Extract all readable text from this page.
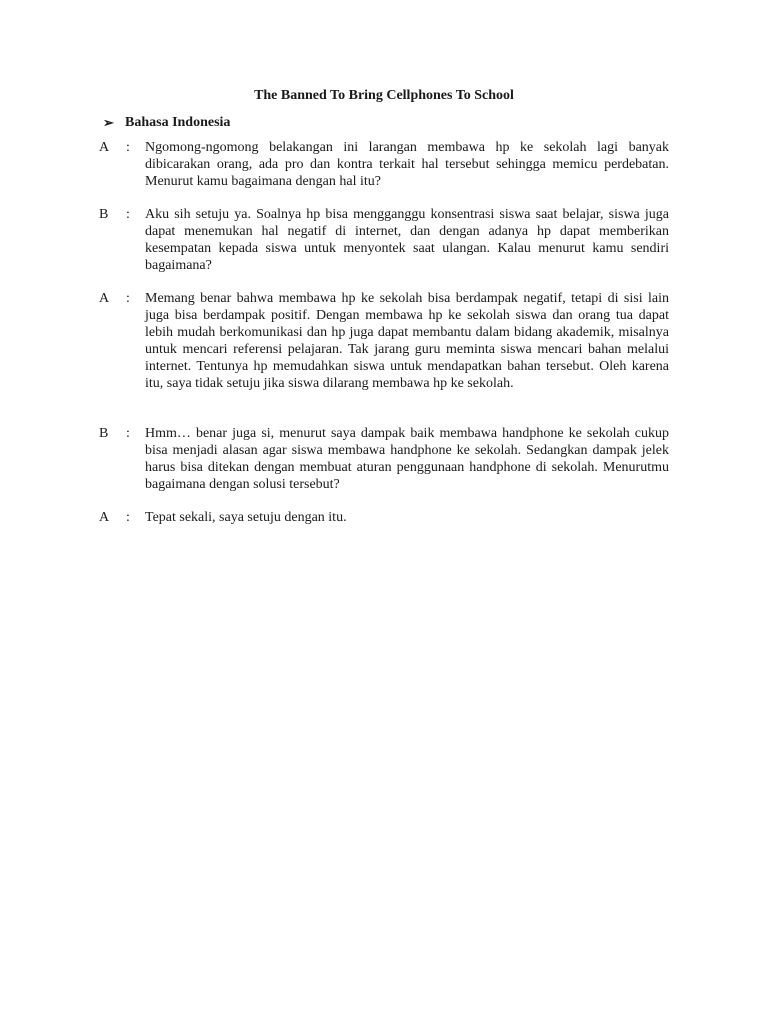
The Banned To Bring Cellphones To School
➢ Bahasa Indonesia
A	: Ngomong-ngomong belakangan ini larangan membawa hp ke sekolah lagi banyak dibicarakan orang, ada pro dan kontra terkait hal tersebut sehingga memicu perdebatan. Menurut kamu bagaimana dengan hal itu?
B	: Aku sih setuju ya. Soalnya hp bisa mengganggu konsentrasi siswa saat belajar, siswa juga dapat menemukan hal negatif di internet, dan dengan adanya hp dapat memberikan kesempatan kepada siswa untuk menyontek saat ulangan. Kalau menurut kamu sendiri bagaimana?
A	: Memang benar bahwa membawa hp ke sekolah bisa berdampak negatif, tetapi di sisi lain juga bisa berdampak positif. Dengan membawa hp ke sekolah siswa dan orang tua dapat lebih mudah berkomunikasi dan hp juga dapat membantu dalam bidang akademik, misalnya untuk mencari referensi pelajaran. Tak jarang guru meminta siswa mencari bahan melalui internet. Tentunya hp memudahkan siswa untuk mendapatkan bahan tersebut. Oleh karena itu, saya tidak setuju jika siswa dilarang membawa hp ke sekolah.
B	: Hmm… benar juga si, menurut saya dampak baik membawa handphone ke sekolah cukup bisa menjadi alasan agar siswa membawa handphone ke sekolah. Sedangkan dampak jelek harus bisa ditekan dengan membuat aturan penggunaan handphone di sekolah. Menurutmu bagaimana dengan solusi tersebut?
A	: Tepat sekali, saya setuju dengan itu.
